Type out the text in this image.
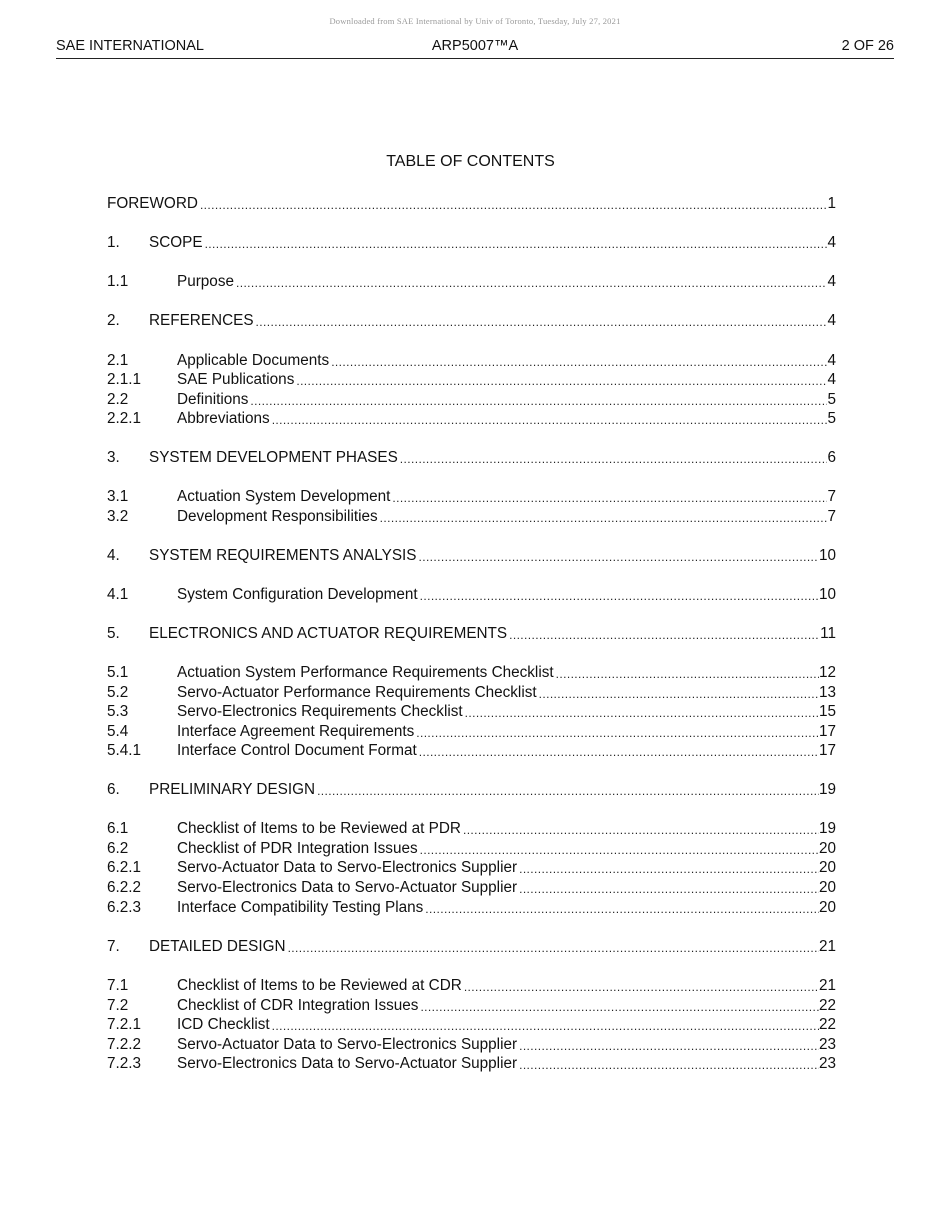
Downloaded from SAE International by Univ of Toronto, Tuesday, July 27, 2021
SAE INTERNATIONAL	ARP5007™A	2 OF 26
TABLE OF CONTENTS
FOREWORD .....	1
1. SCOPE .....	4
1.1	Purpose .....	4
2. REFERENCES .....	4
2.1	Applicable Documents .....	4
2.1.1 SAE Publications .....	4
2.2	Definitions .....	5
2.2.1 Abbreviations .....	5
3. SYSTEM DEVELOPMENT PHASES .....	6
3.1	Actuation System Development .....	7
3.2	Development Responsibilities .....	7
4. SYSTEM REQUIREMENTS ANALYSIS .....	10
4.1	System Configuration Development .....	10
5. ELECTRONICS AND ACTUATOR REQUIREMENTS .....	11
5.1	Actuation System Performance Requirements Checklist .....	12
5.2	Servo-Actuator Performance Requirements Checklist .....	13
5.3	Servo-Electronics Requirements Checklist .....	15
5.4	Interface Agreement Requirements .....	17
5.4.1 Interface Control Document Format .....	17
6. PRELIMINARY DESIGN .....	19
6.1	Checklist of Items to be Reviewed at PDR .....	19
6.2	Checklist of PDR Integration Issues .....	20
6.2.1 Servo-Actuator Data to Servo-Electronics Supplier .....	20
6.2.2 Servo-Electronics Data to Servo-Actuator Supplier .....	20
6.2.3 Interface Compatibility Testing Plans .....	20
7. DETAILED DESIGN .....	21
7.1	Checklist of Items to be Reviewed at CDR .....	21
7.2	Checklist of CDR Integration Issues .....	22
7.2.1 ICD Checklist .....	22
7.2.2 Servo-Actuator Data to Servo-Electronics Supplier .....	23
7.2.3 Servo-Electronics Data to Servo-Actuator Supplier .....	23
